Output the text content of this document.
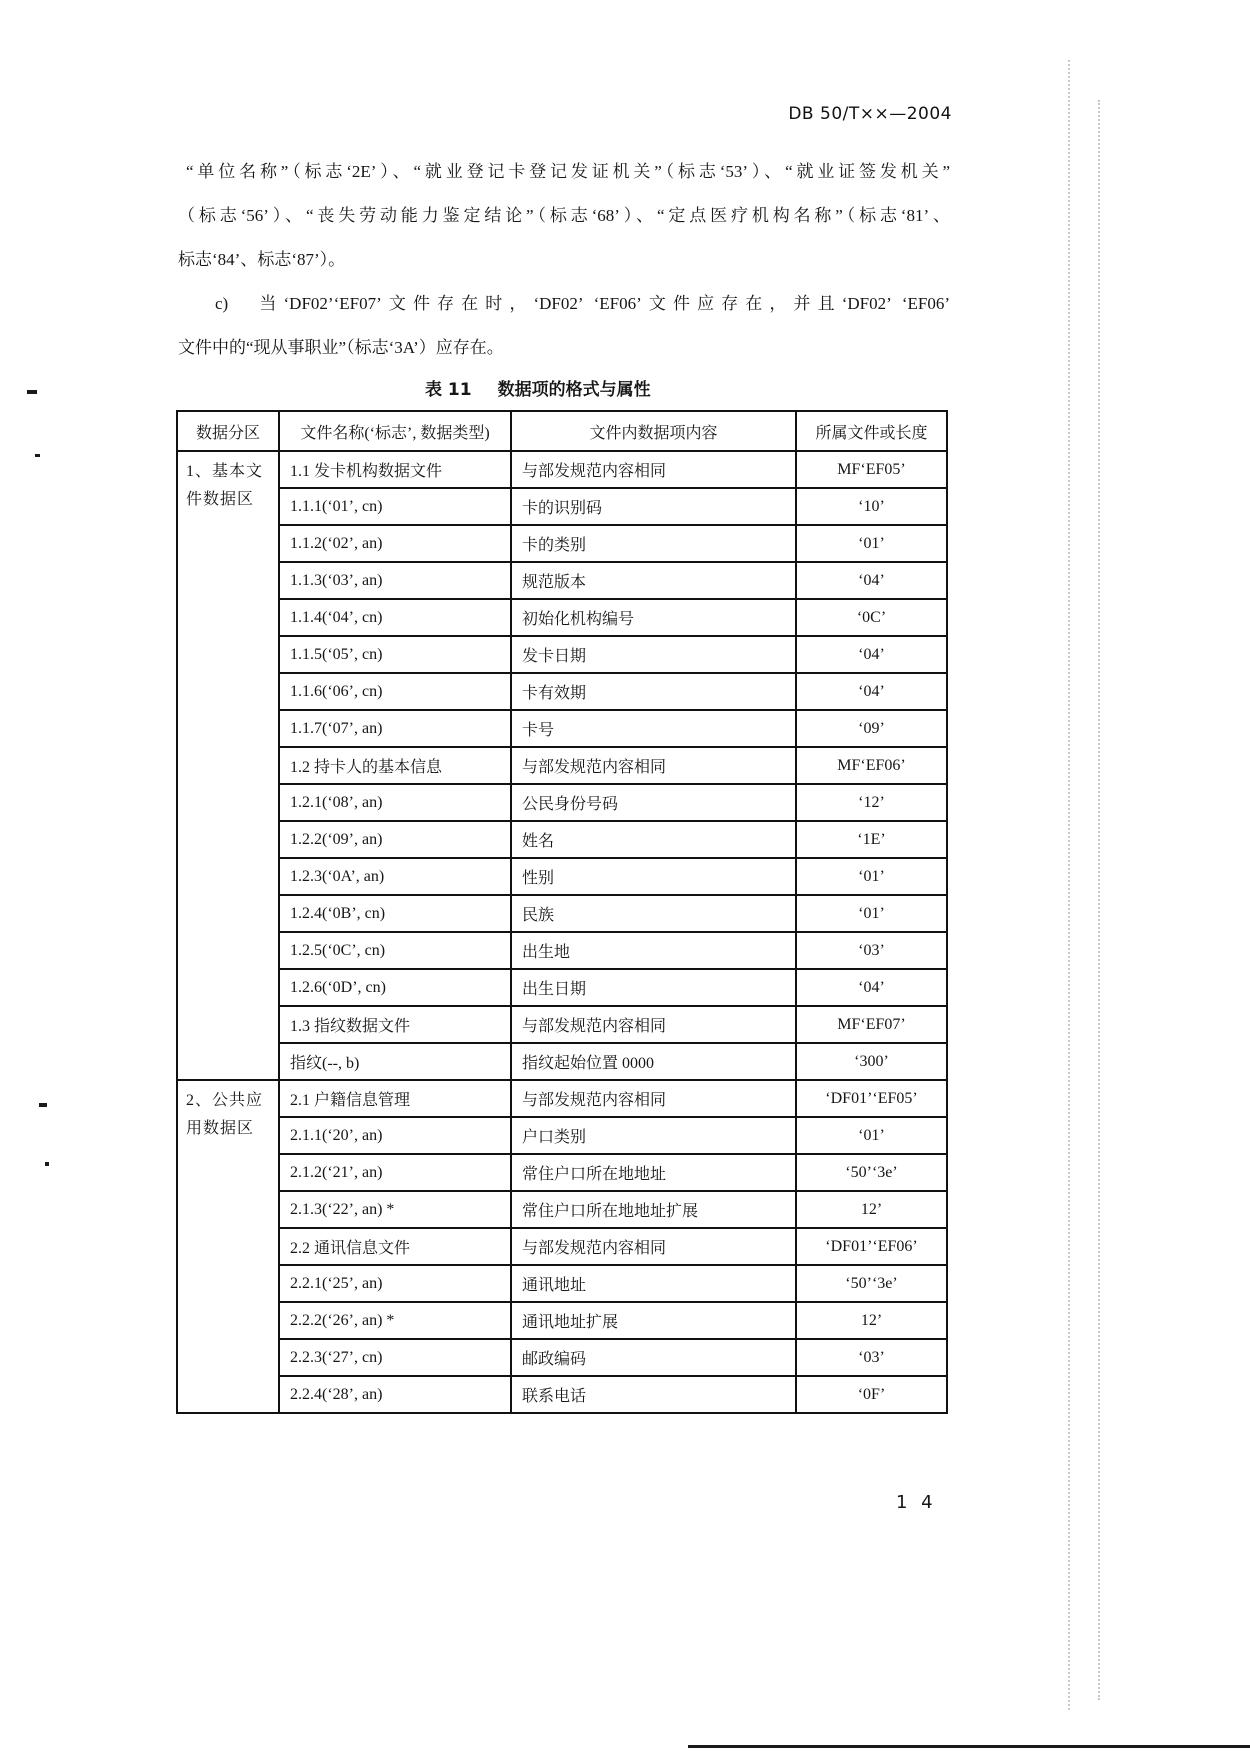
DB 50/T××—2004
“单位名称”（标志‘2E’）、“就业登记卡登记发证机关”（标志‘53’）、“就业证签发机关”
（标志‘56’）、“丧失劳动能力鉴定结论”（标志‘68’）、“定点医疗机构名称”（标志‘81’、
标志‘84’、标志‘87’）。
c)　当‘DF02’‘EF07’文件存在时，‘DF02’ ‘EF06’文件应存在，并且‘DF02’ ‘EF06’
文件中的“现从事职业”（标志‘3A’）应存在。
表 11 数据项的格式与属性
数据分区	文件名称(‘标志’, 数据类型)	文件内数据项内容	所属文件或长度
1、基本文件数据区	1.1 发卡机构数据文件	与部发规范内容相同	MF‘EF05’
	1.1.1(‘01’, cn)	卡的识别码	‘10’
	1.1.2(‘02’, an)	卡的类别	‘01’
	1.1.3(‘03’, an)	规范版本	‘04’
	1.1.4(‘04’, cn)	初始化机构编号	‘0C’
	1.1.5(‘05’, cn)	发卡日期	‘04’
	1.1.6(‘06’, cn)	卡有效期	‘04’
	1.1.7(‘07’, an)	卡号	‘09’
	1.2 持卡人的基本信息	与部发规范内容相同	MF‘EF06’
	1.2.1(‘08’, an)	公民身份号码	‘12’
	1.2.2(‘09’, an)	姓名	‘1E’
	1.2.3(‘0A’, an)	性别	‘01’
	1.2.4(‘0B’, cn)	民族	‘01’
	1.2.5(‘0C’, cn)	出生地	‘03’
	1.2.6(‘0D’, cn)	出生日期	‘04’
	1.3 指纹数据文件	与部发规范内容相同	MF‘EF07’
	指纹(--, b)	指纹起始位置 0000	‘300’
2、公共应用数据区	2.1 户籍信息管理	与部发规范内容相同	‘DF01’‘EF05’
	2.1.1(‘20’, an)	户口类别	‘01’
	2.1.2(‘21’, an)	常住户口所在地地址	‘50’‘3e’
	2.1.3(‘22’, an) *	常住户口所在地地址扩展	12’
	2.2 通讯信息文件	与部发规范内容相同	‘DF01’‘EF06’
	2.2.1(‘25’, an)	通讯地址	‘50’‘3e’
	2.2.2(‘26’, an) *	通讯地址扩展	12’
	2.2.3(‘27’, cn)	邮政编码	‘03’
	2.2.4(‘28’, an)	联系电话	‘0F’
1 4
